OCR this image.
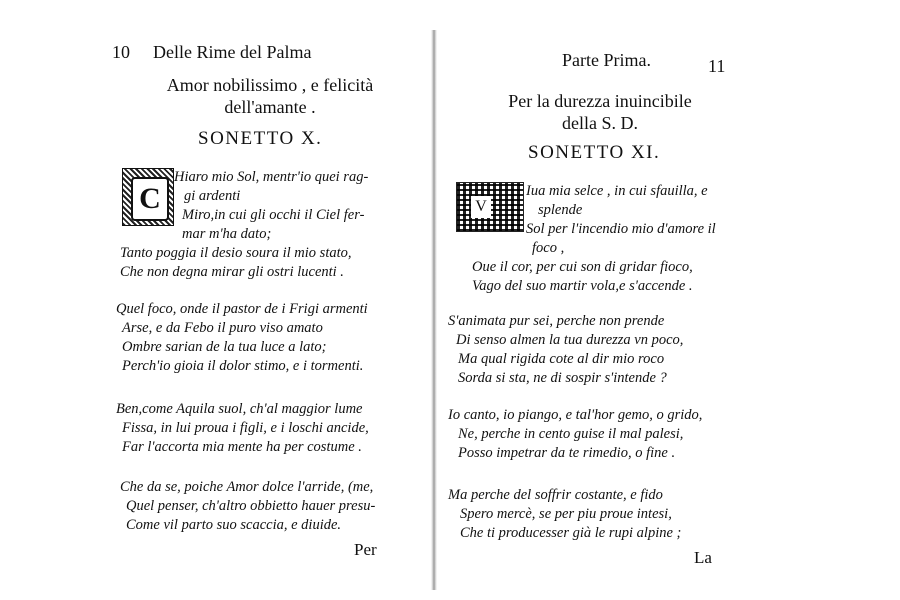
10 Delle Rime del Palma
Amor nobilissimo , e felicità
dell'amante .
SONETTO X.
C
Hiaro mio Sol, mentr'io quei rag-
gi ardenti
Miro,in cui gli occhi il Ciel fer-
mar m'ha dato;
Tanto poggia il desio soura il mio stato,
Che non degna mirar gli ostri lucenti .
Quel foco, onde il pastor de i Frigi armenti
Arse, e da Febo il puro viso amato
Ombre sarian de la tua luce a lato;
Perch'io gioia il dolor stimo, e i tormenti.
Ben,come Aquila suol, ch'al maggior lume
Fissa, in lui proua i figli, e i loschi ancide,
Far l'accorta mia mente ha per costume .
Che da se, poiche Amor dolce l'arride, (me,
Quel penser, ch'altro obbietto hauer presu-
Come vil parto suo scaccia, e diuide.
Per
Parte Prima.	11
Per la durezza inuincibile
della S. D.
SONETTO XI.
V
Iua mia selce , in cui sfauilla, e
splende
Sol per l'incendio mio d'amore il
foco ,
Oue il cor, per cui son di gridar fioco,
Vago del suo martir vola,e s'accende .
S'animata pur sei, perche non prende
Di senso almen la tua durezza vn poco,
Ma qual rigida cote al dir mio roco
Sorda si sta, ne di sospir s'intende ?
Io canto, io piango, e tal'hor gemo, o grido,
Ne, perche in cento guise il mal palesi,
Posso impetrar da te rimedio, o fine .
Ma perche del soffrir costante, e fido
Spero mercè, se per piu proue intesi,
Che ti producesser già le rupi alpine ;
La
